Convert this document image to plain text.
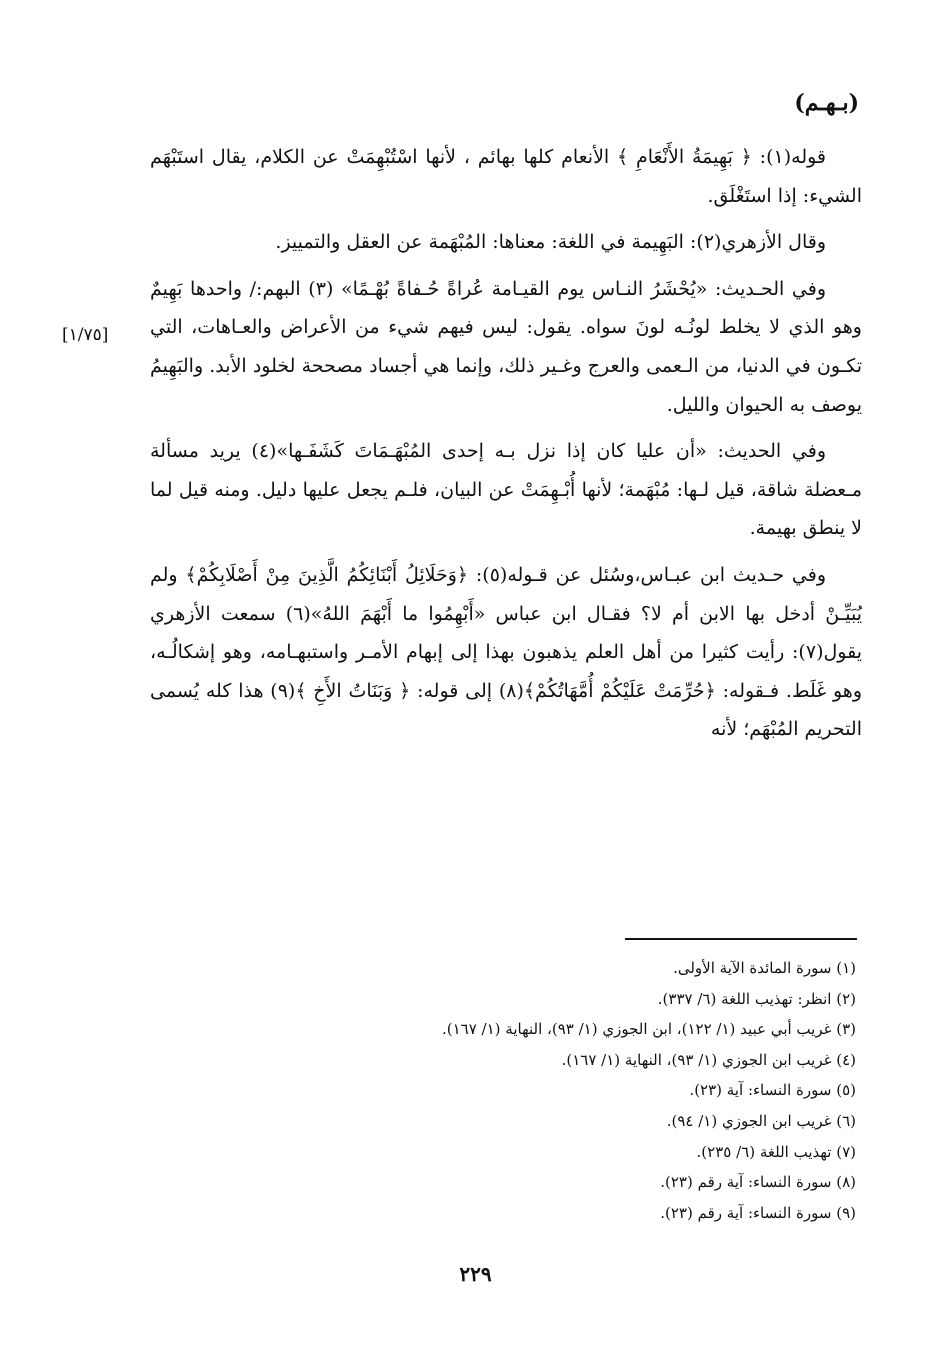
(بـهـم)
[١/٧٥]

قوله(١): ﴿ بَهِيمَةُ الأَنْعَامِ ﴾ الأنعام كلها بهائم ، لأنها اسْتُبْهِمَتْ عن الكلام، يقال استَبْهَم الشيء: إذا استَغْلَق.

وقال الأزهري(٢): البَهِيمة في اللغة: معناها: المُبْهَمة عن العقل والتمييز.

وفي الحـديث: «يُحْشَرُ النـاس يوم القيـامة عُراةً حُـفاةً بُهْـمًا» (٣) البهم:/ واحدها بَهِيمٌ وهو الذي لا يخلط لونُـه لونَ سواه. يقول: ليس فيهم شيء من الأعراض والعـاهات، التي تكـون في الدنيا، من الـعمى والعرج وغـير ذلك، وإنما هي أجساد مصححة لخلود الأبد. والبَهِيمُ يوصف به الحيوان والليل.

وفي الحديث: «أن عليا كان إذا نزل بـه إحدى المُبْهَـمَاتَ كَشَفَـها»(٤) يريد مسألة مـعضلة شاقة، قيل لـها: مُبْهَمة؛ لأنها أُبْـهِمَتْ عن البيان، فلـم يجعل عليها دليل. ومنه قيل لما لا ينطق بهيمة.

وفي حـديث ابن عبـاس،وسُئل عن قـوله(٥): ﴿وَحَلَائِلُ أَبْنَائِكُمُ الَّذِينَ مِنْ أَصْلَابِكُمْ﴾ ولم يُبَيِّـنْ أدخل بها الابن أم لا؟ فقـال ابن عباس «أَبْهِمُوا ما أَبْهَمَ اللهُ»(٦) سمعت الأزهري يقول(٧): رأيت كثيرا من أهل العلم يذهبون بهذا إلى إبهام الأمـر واستبهـامه، وهو إشكالُـه، وهو غَلَط. فـقوله: ﴿حُرِّمَتْ عَلَيْكُمْ أُمَّهَاتُكُمْ﴾(٨) إلى قوله: ﴿ وَبَنَاتُ الأَخِ ﴾(٩) هذا كله يُسمى التحريم المُبْهَم؛ لأنه

(١) سورة المائدة الآية الأولى.
(٢) انظر: تهذيب اللغة (٦/ ٣٣٧).
(٣) غريب أبي عبيد (١/ ١٢٢)، ابن الجوزي (١/ ٩٣)، النهاية (١/ ١٦٧).
(٤) غريب ابن الجوزي (١/ ٩٣)، النهاية (١/ ١٦٧).
(٥) سورة النساء: آية (٢٣).
(٦) غريب ابن الجوزي (١/ ٩٤).
(٧) تهذيب اللغة (٦/ ٢٣٥).
(٨) سورة النساء: آية رقم (٢٣).
(٩) سورة النساء: آية رقم (٢٣).
٢٢٩
